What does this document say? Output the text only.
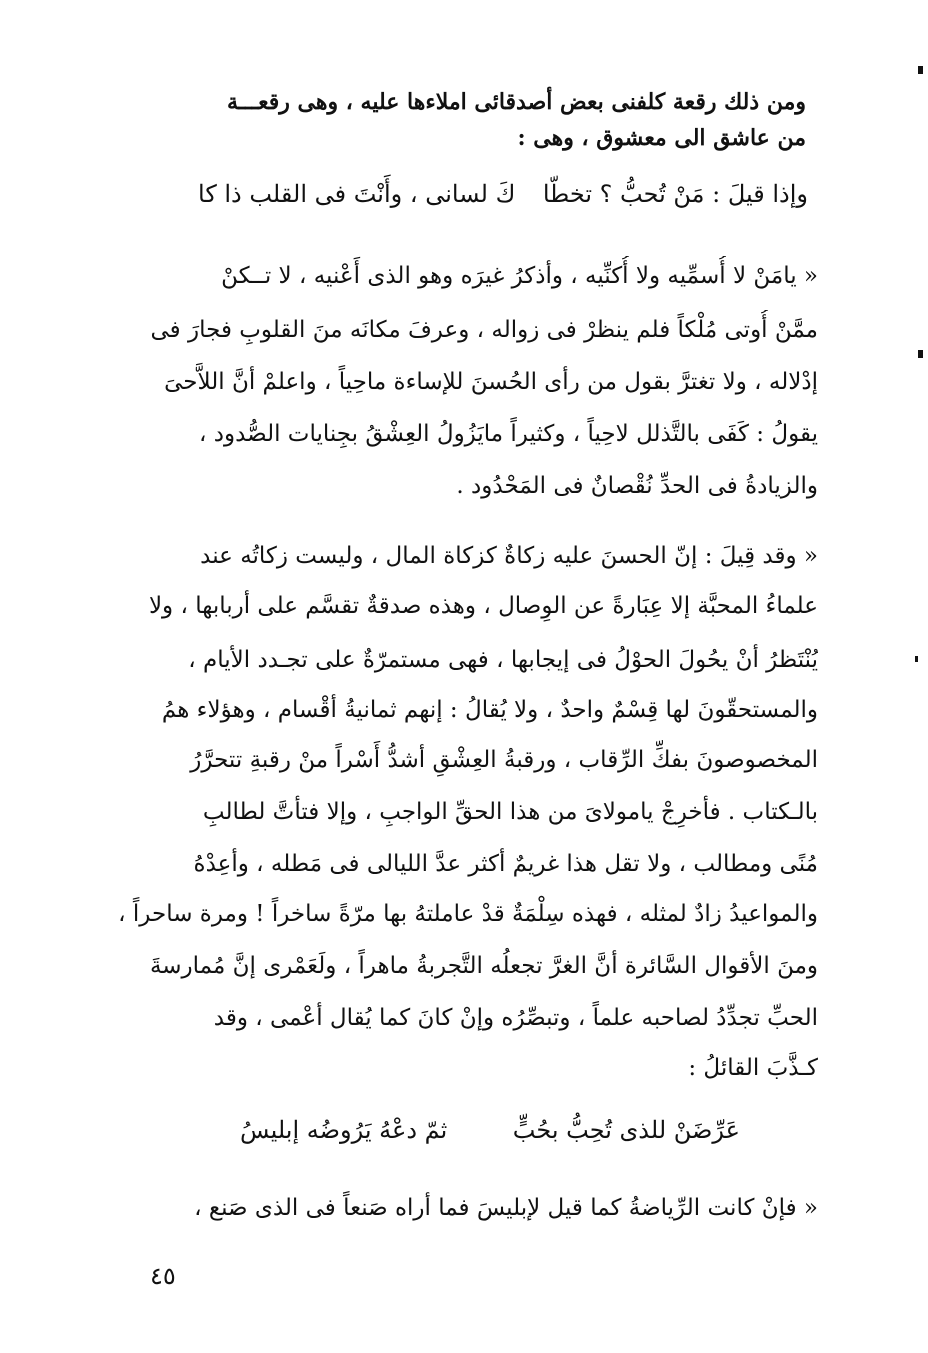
ومن ذلك رقعة كلفنى بعض أصدقائى املاءها عليه ، وهى رقعـــة
من عاشق الى معشوق ، وهى :
وإذا قيلَ : مَنْ تُحبُّ ؟ تخطّا
كَ لسانى ، وأَنْتَ فى القلب ذا كا
« يامَنْ لا أُسمِّيه ولا أُكنِّيه ، وأذكرُ غيرَه وهو الذى أَعْنيه ، لا تــكنْ
ممَّنْ أُوتى مُلْكاً فلم ينظرْ فى زواله ، وعرفَ مكانَه منَ القلوبِ فجارَ فى
إدْلاله ، ولا تغترَّ بقول من رأى الحُسنَ للإساءة ماحِياً ، واعلمْ أنَّ اللاَّحىَ
يقولُ : كَفَى بالتَّذلل لاحِياً ، وكثيراً مايَزُولُ العِشْقُ بجِنايات الصُّدود ،
والزيادةُ فى الحدِّ نُقْصانٌ فى المَحْدُود .
« وقد قِيلَ : إنّ الحسنَ عليه زكاةٌ كزكاة المال ، وليست زكاتُه عند
علماءُ المحبَّة إلا عِبَارةً عن الوِصال ، وهذه صدقةٌ تقسَّم على أربابها ، ولا
يُنْتَظرُ أنْ يحُولَ الحوْلُ فى إيجابها ، فهى مستمرّةٌ على تجـدد الأيام ،
والمستحقّونَ لها قِسْمٌ واحدٌ ، ولا يُقالُ : إنهم ثمانيةُ أقْسام ، وهؤلاء همُ
المخصوصونَ بفكِّ الرِّقاب ، ورقبةُ العِشْقِ أشدُّ أَسْراً منْ رقبةِ تتحرَّرُ
بالـكتاب . فأخرِجْ يامولاىَ من هذا الحقِّ الواجبِ ، وإلا فتأتَّ لطالبِ
مُنًى ومطالب ، ولا تقل هذا غريمٌ أكثر عدَّ الليالى فى مَطله ، وأعِدْهُ
والمواعيدُ زادٌ لمثله ، فهذه سِلْمَةٌ قدْ عاملتهُ بها مرّةً ساخراً ! ومرة ساحراً ،
ومنَ الأقوال السَّائرة أنَّ الغرَّ تجعلُه التَّجربةُ ماهراً ، ولَعَمْرى إنَّ مُمارسةَ
الحبِّ تجدِّدُ لصاحبه علماً ، وتبصِّرُه وإنْ كانَ كما يُقال أعْمى ، وقد
كـذَّبَ القائلُ :
عَرِّضَنْ للذى تُحِبُّ بحُبٍّ
ثمّ دعْهُ يَرُوضُه إبليسُ
« فإنْ كانت الرِّياضةُ كما قيل لإبليسَ فما أراه صَنعاً فى الذى صَنع ،
٤٥
